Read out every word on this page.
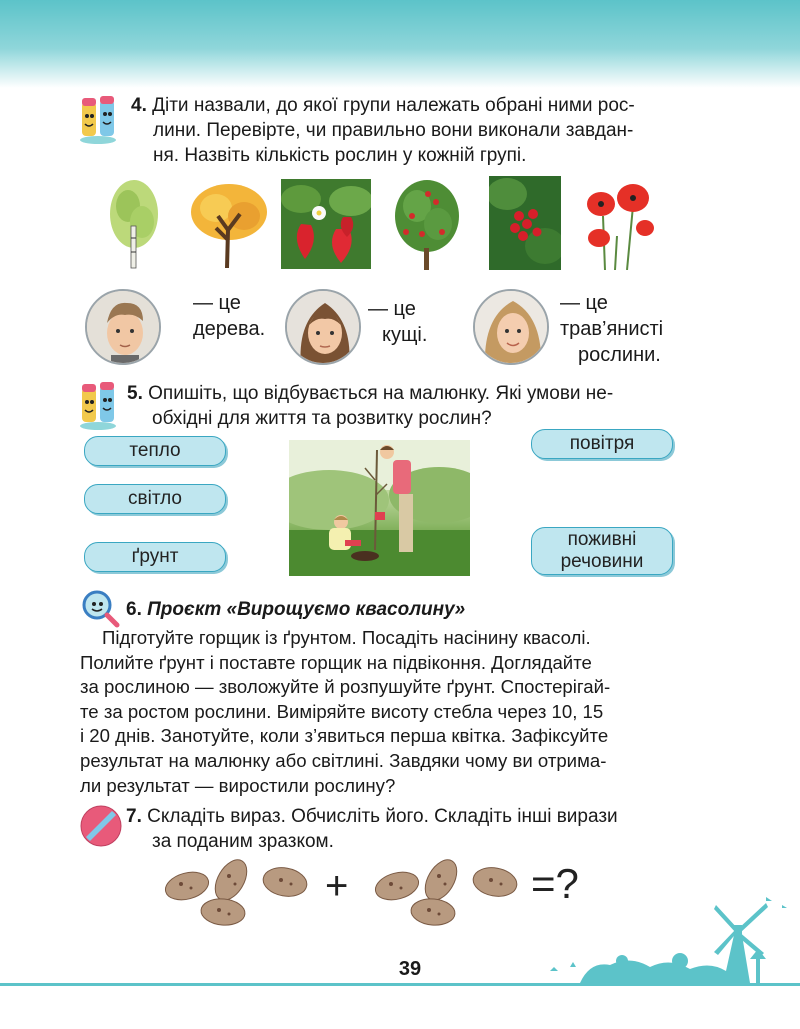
4. Діти назвали, до якої групи належать обрані ними рос-
лини. Перевірте, чи правильно вони виконали завдан-
ня. Назвіть кількість рослин у кожній групі.
— це
дерева.
— це
кущі.
— це
трав’янисті
рослини.
5. Опишіть, що відбувається на малюнку. Які умови не-
обхідні для життя та розвитку рослин?
тепло
світло
ґрунт
повітря
поживні
речовини
6. Проєкт «Вирощуємо квасолину»
Підготуйте горщик із ґрунтом. Посадіть насінину квасолі.
Полийте ґрунт і поставте горщик на підвіконня. Доглядайте
за рослиною — зволожуйте й розпушуйте ґрунт. Спостерігай-
те за ростом рослини. Виміряйте висоту стебла через 10, 15
і 20 днів. Занотуйте, коли з’явиться перша квітка. Зафіксуйте
результат на малюнку або світлині. Завдяки чому ви отрима-
ли результат — виростили рослину?
7. Складіть вираз. Обчисліть його. Складіть інші вирази
за поданим зразком.
+	=?
39
